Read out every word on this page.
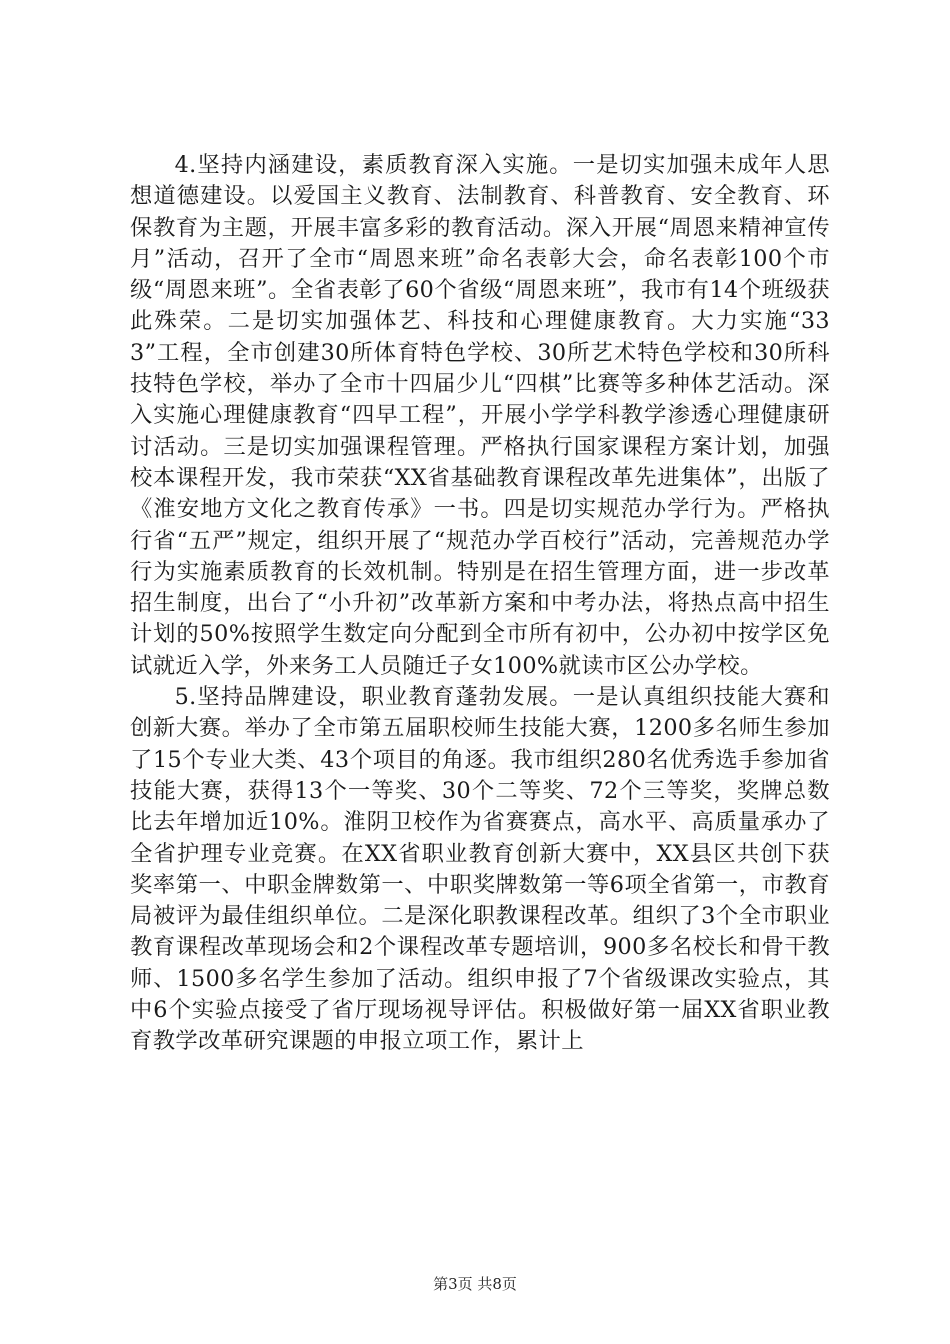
4.坚持内涵建设，素质教育深入实施。一是切实加强未成年人思想道德建设。以爱国主义教育、法制教育、科普教育、安全教育、环保教育为主题，开展丰富多彩的教育活动。深入开展“周恩来精神宣传月”活动，召开了全市“周恩来班”命名表彰大会，命名表彰100个市级“周恩来班”。全省表彰了60个省级“周恩来班”，我市有14个班级获此殊荣。二是切实加强体艺、科技和心理健康教育。大力实施“333”工程，全市创建30所体育特色学校、30所艺术特色学校和30所科技特色学校，举办了全市十四届少儿“四棋”比赛等多种体艺活动。深入实施心理健康教育“四早工程”，开展小学学科教学渗透心理健康研讨活动。三是切实加强课程管理。严格执行国家课程方案计划，加强校本课程开发，我市荣获“XX省基础教育课程改革先进集体”，出版了《淮安地方文化之教育传承》一书。四是切实规范办学行为。严格执行省“五严”规定，组织开展了“规范办学百校行”活动，完善规范办学行为实施素质教育的长效机制。特别是在招生管理方面，进一步改革招生制度，出台了“小升初”改革新方案和中考办法，将热点高中招生计划的50%按照学生数定向分配到全市所有初中，公办初中按学区免试就近入学，外来务工人员随迁子女100%就读市区公办学校。

5.坚持品牌建设，职业教育蓬勃发展。一是认真组织技能大赛和创新大赛。举办了全市第五届职校师生技能大赛，1200多名师生参加了15个专业大类、43个项目的角逐。我市组织280名优秀选手参加省技能大赛，获得13个一等奖、30个二等奖、72个三等奖，奖牌总数比去年增加近10%。淮阴卫校作为省赛赛点，高水平、高质量承办了全省护理专业竞赛。在XX省职业教育创新大赛中，XX县区共创下获奖率第一、中职金牌数第一、中职奖牌数第一等6项全省第一，市教育局被评为最佳组织单位。二是深化职教课程改革。组织了3个全市职业教育课程改革现场会和2个课程改革专题培训，900多名校长和骨干教师、1500多名学生参加了活动。组织申报了7个省级课改实验点，其中6个实验点接受了省厅现场视导评估。积极做好第一届XX省职业教育教学改革研究课题的申报立项工作，累计上

第3页 共8页
